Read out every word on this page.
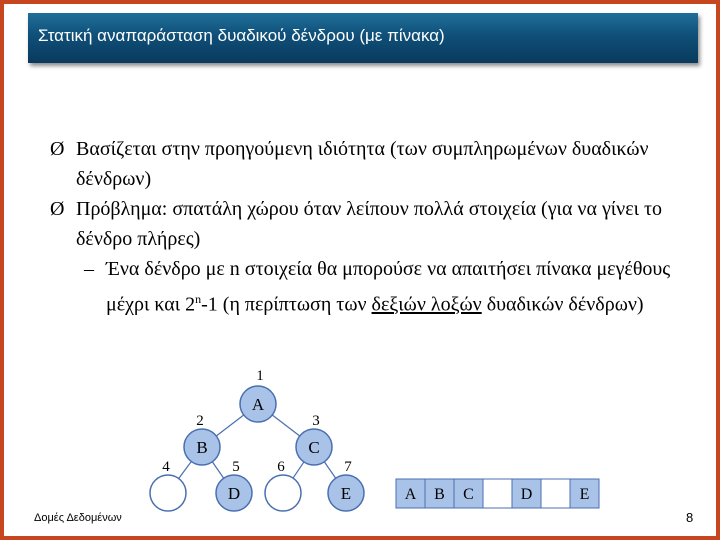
Στατική αναπαράσταση δυαδικού δένδρου (με πίνακα)
Ø Βασίζεται στην προηγούμενη ιδιότητα (των συμπληρωμένων δυαδικών δένδρων)
Ø Πρόβλημα: σπατάλη χώρου όταν λείπουν πολλά στοιχεία (για να γίνει το δένδρο πλήρες)
– Ένα δένδρο με n στοιχεία θα μπορούσε να απαιτήσει πίνακα μεγέθους μέχρι και 2$^n$-1 (η περίπτωση των δεξιών λοξών δυαδικών δένδρων)
A
1
B
2
C
3
4
D
5	6
E
7
A B C	D	E
Δομές Δεδομένων	8
